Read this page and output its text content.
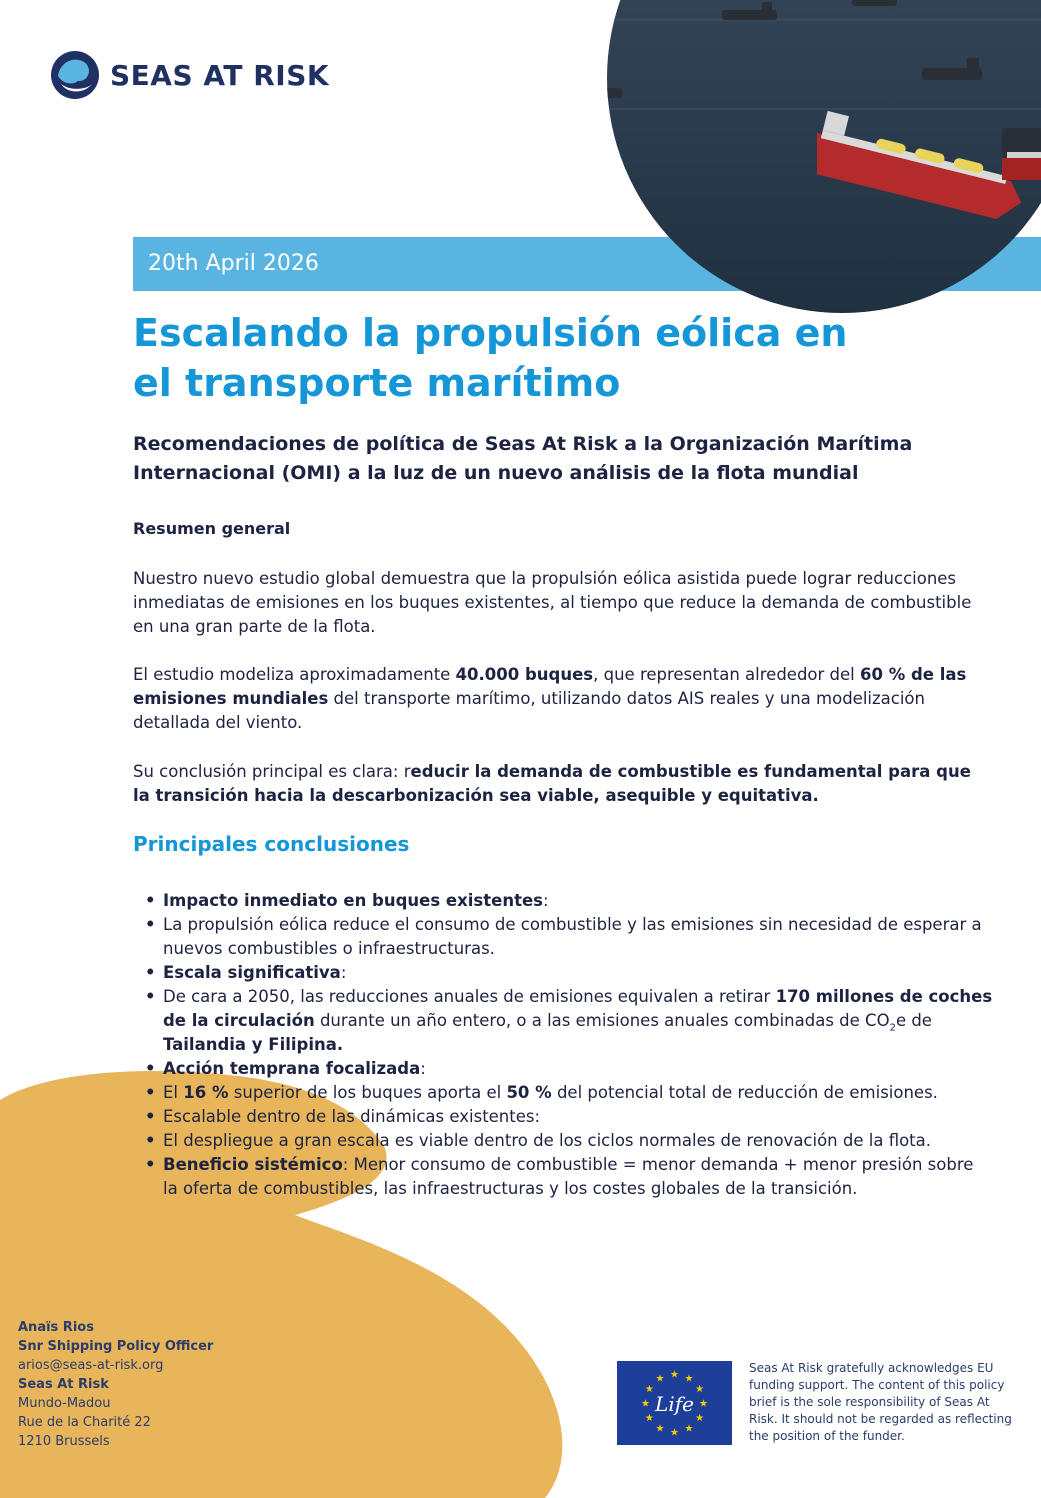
SEAS AT RISK
20th April 2026
Escalando la propulsión eólica en el transporte marítimo

Recomendaciones de política de Seas At Risk a la Organización Marítima Internacional (OMI) a la luz de un nuevo análisis de la flota mundial

Resumen general

Nuestro nuevo estudio global demuestra que la propulsión eólica asistida puede lograr reducciones inmediatas de emisiones en los buques existentes, al tiempo que reduce la demanda de combustible en una gran parte de la flota.

El estudio modeliza aproximadamente 40.000 buques, que representan alrededor del 60 % de las emisiones mundiales del transporte marítimo, utilizando datos AIS reales y una modelización detallada del viento.

Su conclusión principal es clara: reducir la demanda de combustible es fundamental para que la transición hacia la descarbonización sea viable, asequible y equitativa.

Principales conclusiones
• Impacto inmediato en buques existentes:
• La propulsión eólica reduce el consumo de combustible y las emisiones sin necesidad de esperar a nuevos combustibles o infraestructuras.
• Escala significativa:
• De cara a 2050, las reducciones anuales de emisiones equivalen a retirar 170 millones de coches de la circulación durante un año entero, o a las emisiones anuales combinadas de $CO_2e$ de Tailandia y Filipina.
• Acción temprana focalizada:
• El 16 % superior de los buques aporta el 50 % del potencial total de reducción de emisiones.
• Escalable dentro de las dinámicas existentes:
• El despliegue a gran escala es viable dentro de los ciclos normales de renovación de la flota.
• Beneficio sistémico: Menor consumo de combustible = menor demanda + menor presión sobre la oferta de combustibles, las infraestructuras y los costes globales de la transición.
Anaïs Rios
Snr Shipping Policy Officer
arios@seas-at-risk.org
Seas At Risk
Mundo-Madou
Rue de la Charité 22
1210 Brussels
★ ★
★
★
★
★
★
★
★
★
★
★
Life

Seas At Risk gratefully acknowledges EU funding support. The content of this policy brief is the sole responsibility of Seas At Risk. It should not be regarded as reflecting the position of the funder.
